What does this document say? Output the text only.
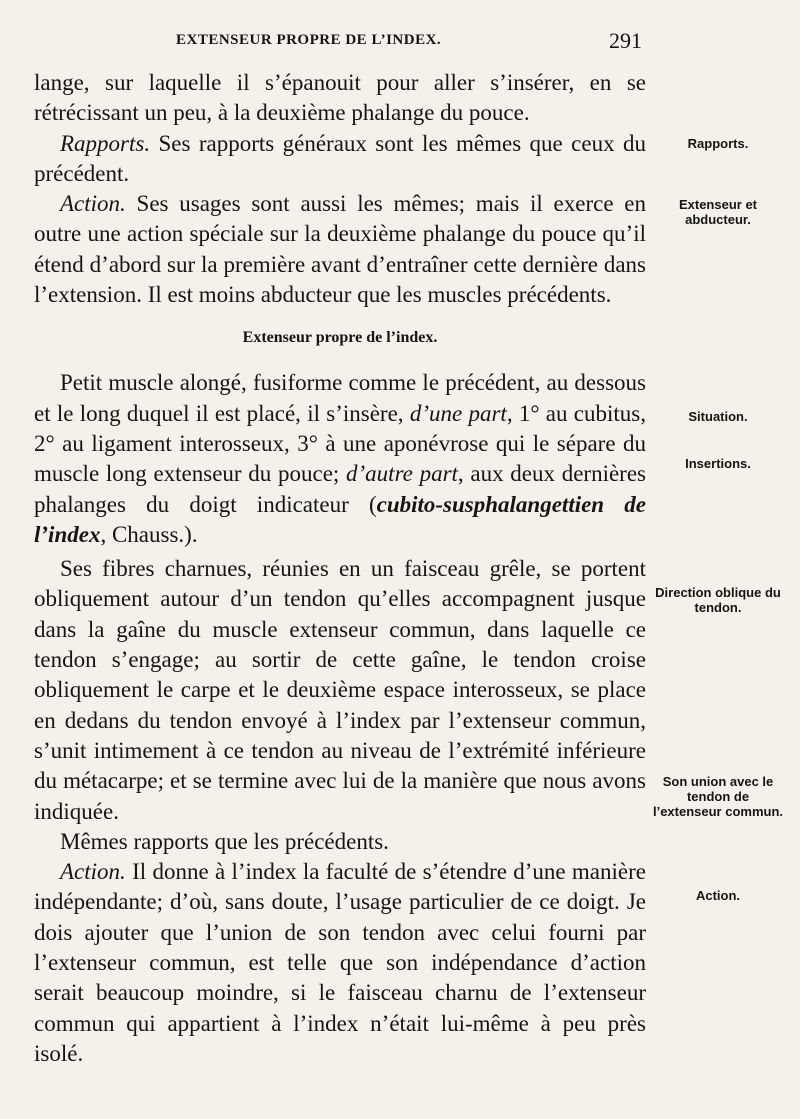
EXTENSEUR PROPRE DE L’INDEX.	291

lange, sur laquelle il s’épanouit pour aller s’insérer, en se rétrécissant un peu, à la deuxième phalange du pouce.

Rapports. Ses rapports généraux sont les mêmes que ceux du précédent.

Action. Ses usages sont aussi les mêmes; mais il exerce en outre une action spéciale sur la deuxième phalange du pouce qu’il étend d’abord sur la première avant d’entraîner cette dernière dans l’extension. Il est moins abducteur que les muscles précédents.

Extenseur propre de l’index.

Petit muscle alongé, fusiforme comme le précédent, au dessous et le long duquel il est placé, il s’insère, d’une part, 1° au cubitus, 2° au ligament interosseux, 3° à une aponévrose qui le sépare du muscle long extenseur du pouce; d’autre part, aux deux dernières phalanges du doigt indicateur (cubito-susphalangettien de l’index, Chauss.).

Ses fibres charnues, réunies en un faisceau grêle, se portent obliquement autour d’un tendon qu’elles accompagnent jusque dans la gaîne du muscle extenseur commun, dans laquelle ce tendon s’engage; au sortir de cette gaîne, le tendon croise obliquement le carpe et le deuxième espace interosseux, se place en dedans du tendon envoyé à l’index par l’extenseur commun, s’unit intimement à ce tendon au niveau de l’extrémité inférieure du métacarpe; et se termine avec lui de la manière que nous avons indiquée.

Mêmes rapports que les précédents.

Action. Il donne à l’index la faculté de s’étendre d’une manière indépendante; d’où, sans doute, l’usage particulier de ce doigt. Je dois ajouter que l’union de son tendon avec celui fourni par l’extenseur commun, est telle que son indépendance d’action serait beaucoup moindre, si le faisceau charnu de l’extenseur commun qui appartient à l’index n’était lui-même à peu près isolé.

Rapports.
Extenseur et abducteur.
Situation.
Insertions.
Direction oblique du tendon.
Son union avec le tendon de l’extenseur commun.
Action.
